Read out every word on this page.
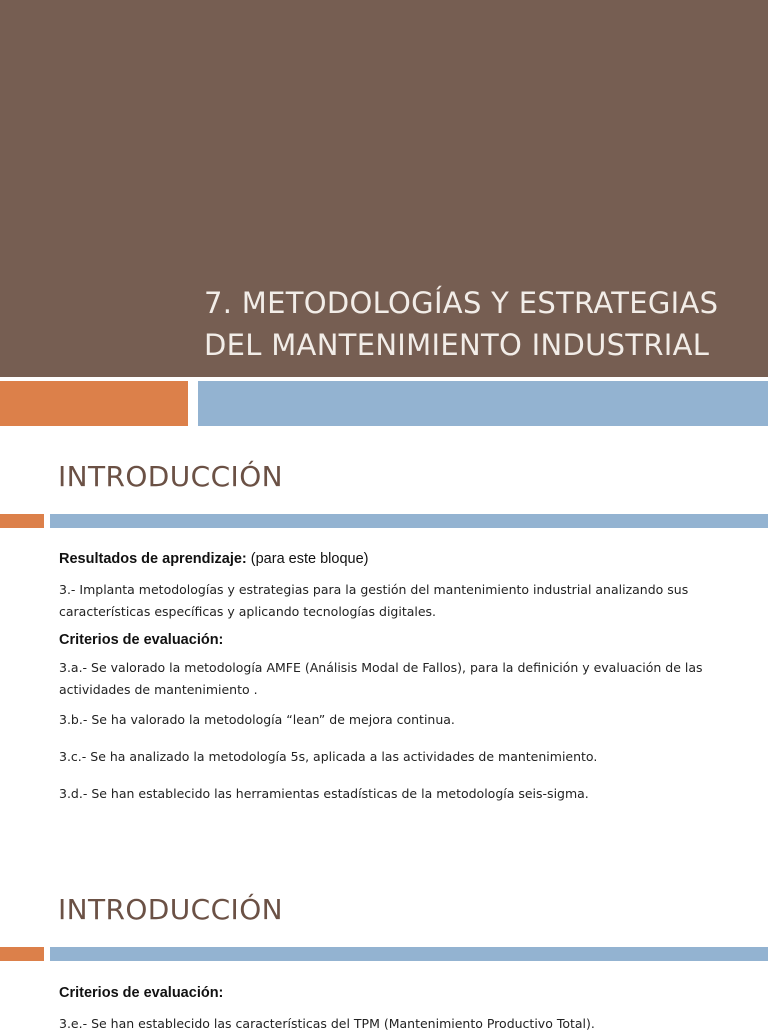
7. METODOLOGÍAS Y ESTRATEGIAS
DEL MANTENIMIENTO INDUSTRIAL
INTRODUCCIÓN

Resultados de aprendizaje: (para este bloque)

3.- Implanta metodologías y estrategias para la gestión del mantenimiento industrial analizando sus características específicas y aplicando tecnologías digitales.

Criterios de evaluación:

3.a.- Se valorado la metodología AMFE (Análisis Modal de Fallos), para la definición y evaluación de las actividades de mantenimiento .

3.b.- Se ha valorado la metodología “lean” de mejora continua.

3.c.- Se ha analizado la metodología 5s, aplicada a las actividades de mantenimiento.

3.d.- Se han establecido las herramientas estadísticas de la metodología seis-sigma.

INTRODUCCIÓN

Criterios de evaluación:

3.e.- Se han establecido las características del TPM (Mantenimiento Productivo Total).
